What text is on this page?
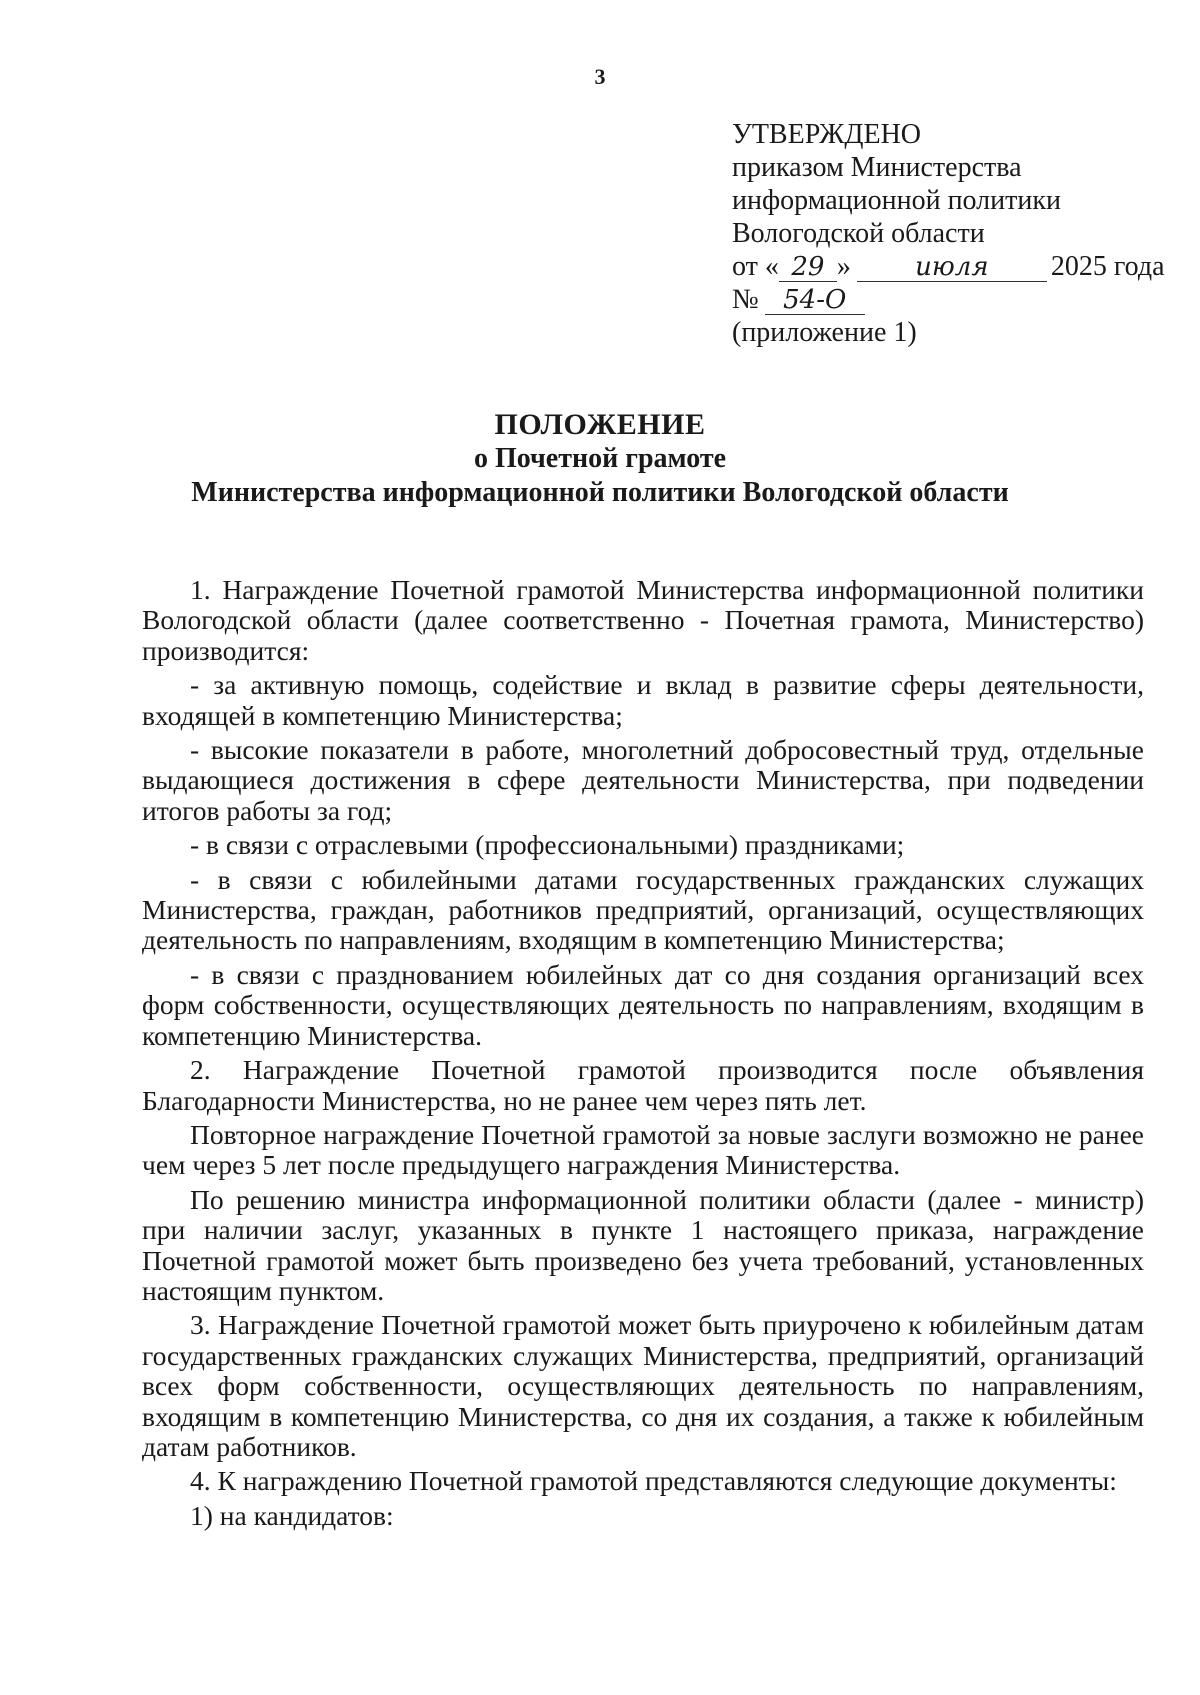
3
УТВЕРЖДЕНО
приказом Министерства
информационной политики
Вологодской области
от « 29 » июля 2025 года
№ 54-О
(приложение 1)
ПОЛОЖЕНИЕ
о Почетной грамоте
Министерства информационной политики Вологодской области

1. Награждение Почетной грамотой Министерства информационной политики Вологодской области (далее соответственно - Почетная грамота, Министерство) производится:

- за активную помощь, содействие и вклад в развитие сферы деятельности, входящей в компетенцию Министерства;

- высокие показатели в работе, многолетний добросовестный труд, отдельные выдающиеся достижения в сфере деятельности Министерства, при подведении итогов работы за год;

- в связи с отраслевыми (профессиональными) праздниками;

- в связи с юбилейными датами государственных гражданских служащих Министерства, граждан, работников предприятий, организаций, осуществляющих деятельность по направлениям, входящим в компетенцию Министерства;

- в связи с празднованием юбилейных дат со дня создания организаций всех форм собственности, осуществляющих деятельность по направлениям, входящим в компетенцию Министерства.

2. Награждение Почетной грамотой производится после объявления Благодарности Министерства, но не ранее чем через пять лет.

Повторное награждение Почетной грамотой за новые заслуги возможно не ранее чем через 5 лет после предыдущего награждения Министерства.

По решению министра информационной политики области (далее - министр) при наличии заслуг, указанных в пункте 1 настоящего приказа, награждение Почетной грамотой может быть произведено без учета требований, установленных настоящим пунктом.

3. Награждение Почетной грамотой может быть приурочено к юбилейным датам государственных гражданских служащих Министерства, предприятий, организаций всех форм собственности, осуществляющих деятельность по направлениям, входящим в компетенцию Министерства, со дня их создания, а также к юбилейным датам работников.

4. К награждению Почетной грамотой представляются следующие документы:

1) на кандидатов:
